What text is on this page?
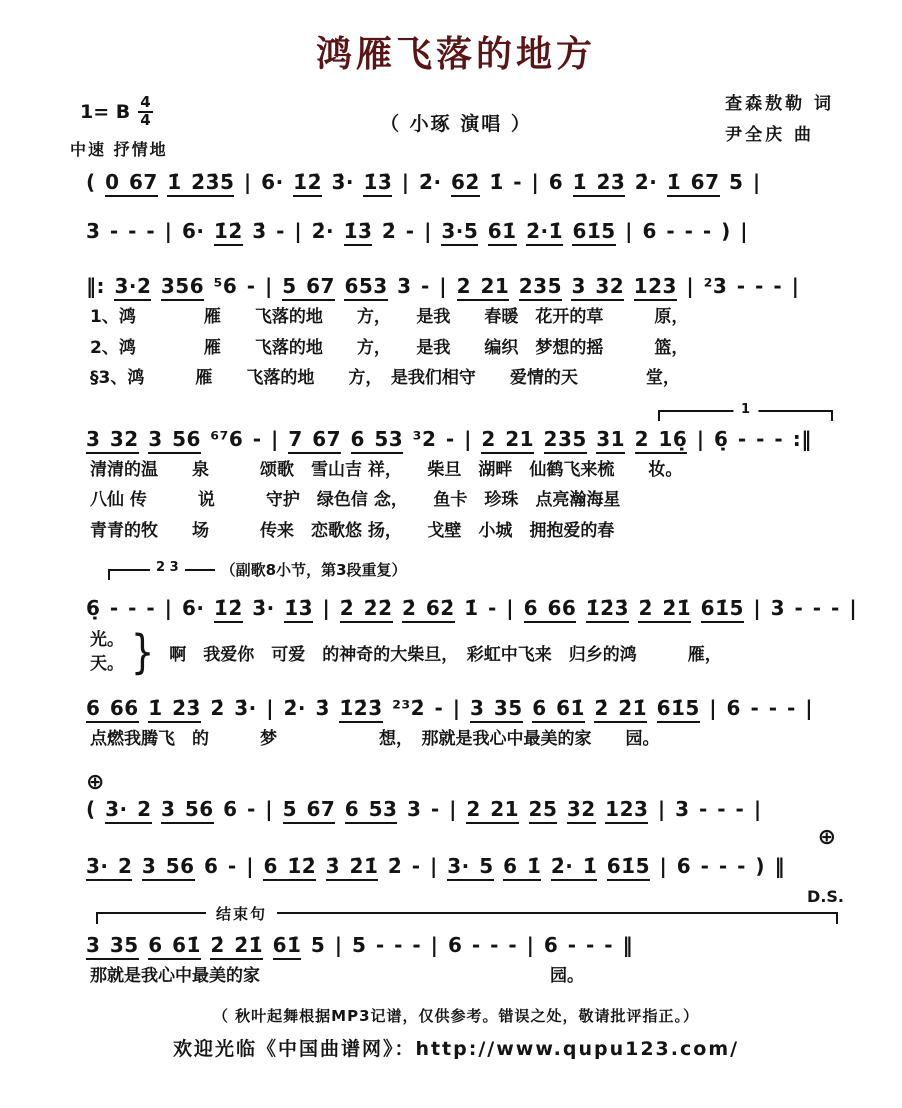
鸿雁飞落的地方
1= B $\frac{4}{4}$	（ 小琢 演唱 ）
查森敖勒 词
尹全庆 曲
中速 抒情地
( 0 67 1̇ 2̇3̇5̇ | 6· 1̇2̇ 3̇· 1̇3̇ | 2̇· 62̇ 1̇ - | 6 1̇ 2̇3̇ 2̇· 1̇ 67 5 |
3 - - - | 6· 1̇2̇ 3̇ - | 2̇· 1̇3̇ 2̇ - | 3·5 61̇ 2̇·1̇ 61̇5 | 6 - - - ) |
‖: 3·2 356 ⁵6 - | 5 67 653 3 - | 2 21 235 3 32 123 | ²3 - - - |
1、鸿　　　　雁　　飞落的地　　方，　　是我　　春暖　花开的草　　　原，
2、鸿　　　　雁　　飞落的地　　方，　　是我　　编织　梦想的摇　　　篮，
§3、鸿　　　雁　　飞落的地　　方，　是我们相守　　爱情的天　　　　堂，
1
3 32 3 56 ⁶⁷6 - | 7 67 6 53 ³2 - | 2 21 235 31 2 16̣ | 6̣ - - - :‖
清清的温　　泉　　　颂歌　雪山吉 祥，　　柴旦　湖畔　仙鹤飞来梳　　妆。
八仙 传　　　说　　　守护　绿色信 念，　　鱼卡　珍珠　点亮瀚海星
青青的牧　　场　　　传来　恋歌悠 扬，　　戈壁　小城　拥抱爱的春
2 3	（副歌8小节，第3段重复）
6̣ - - - | 6· 1̇2̇ 3̇· 1̇3̇ | 2̇ 2̇2̇ 2̇ 62̇ 1̇ - | 6 66 1̇2̇3̇ 2̇ 2̇1̇ 61̇5 | 3 - - - |
光。
天。 } 啊　我爱你　可爱　的神奇的大柴旦，　彩虹中飞来　归乡的鸿　　　雁，
6 66 1̇ 2̇3̇ 2̇ 3̇· | 2̇· 3̇ 1̇2̇3̇ ²³2̇ - | 3 35 6 61̇ 2̇ 2̇1̇ 61̇5 | 6 - - - |
点燃我腾飞　的　　　梦　　　　　　想，　那就是我心中最美的家　　园。
⊕
( 3· 2 3 56 6 - | 5 67 6 53 3 - | 2 21 25 32 123 | 3 - - - |
⊕
3· 2 3 56 6 - | 6 1̇2̇ 3̇ 2̇1̇ 2̇ - | 3· 5 6 1̇ 2̇· 1̇ 61̇5 | 6 - - - ) ‖
D.S.
结束句
3 35 6 61̇ 2̇ 2̇1̇ 61̇ 5 | 5 - - - | 6 - - - | 6 - - - ‖
那就是我心中最美的家	园。
（ 秋叶起舞根据MP3记谱，仅供参考。错误之处，敬请批评指正。）
欢迎光临《中国曲谱网》：http://www.qupu123.com/
